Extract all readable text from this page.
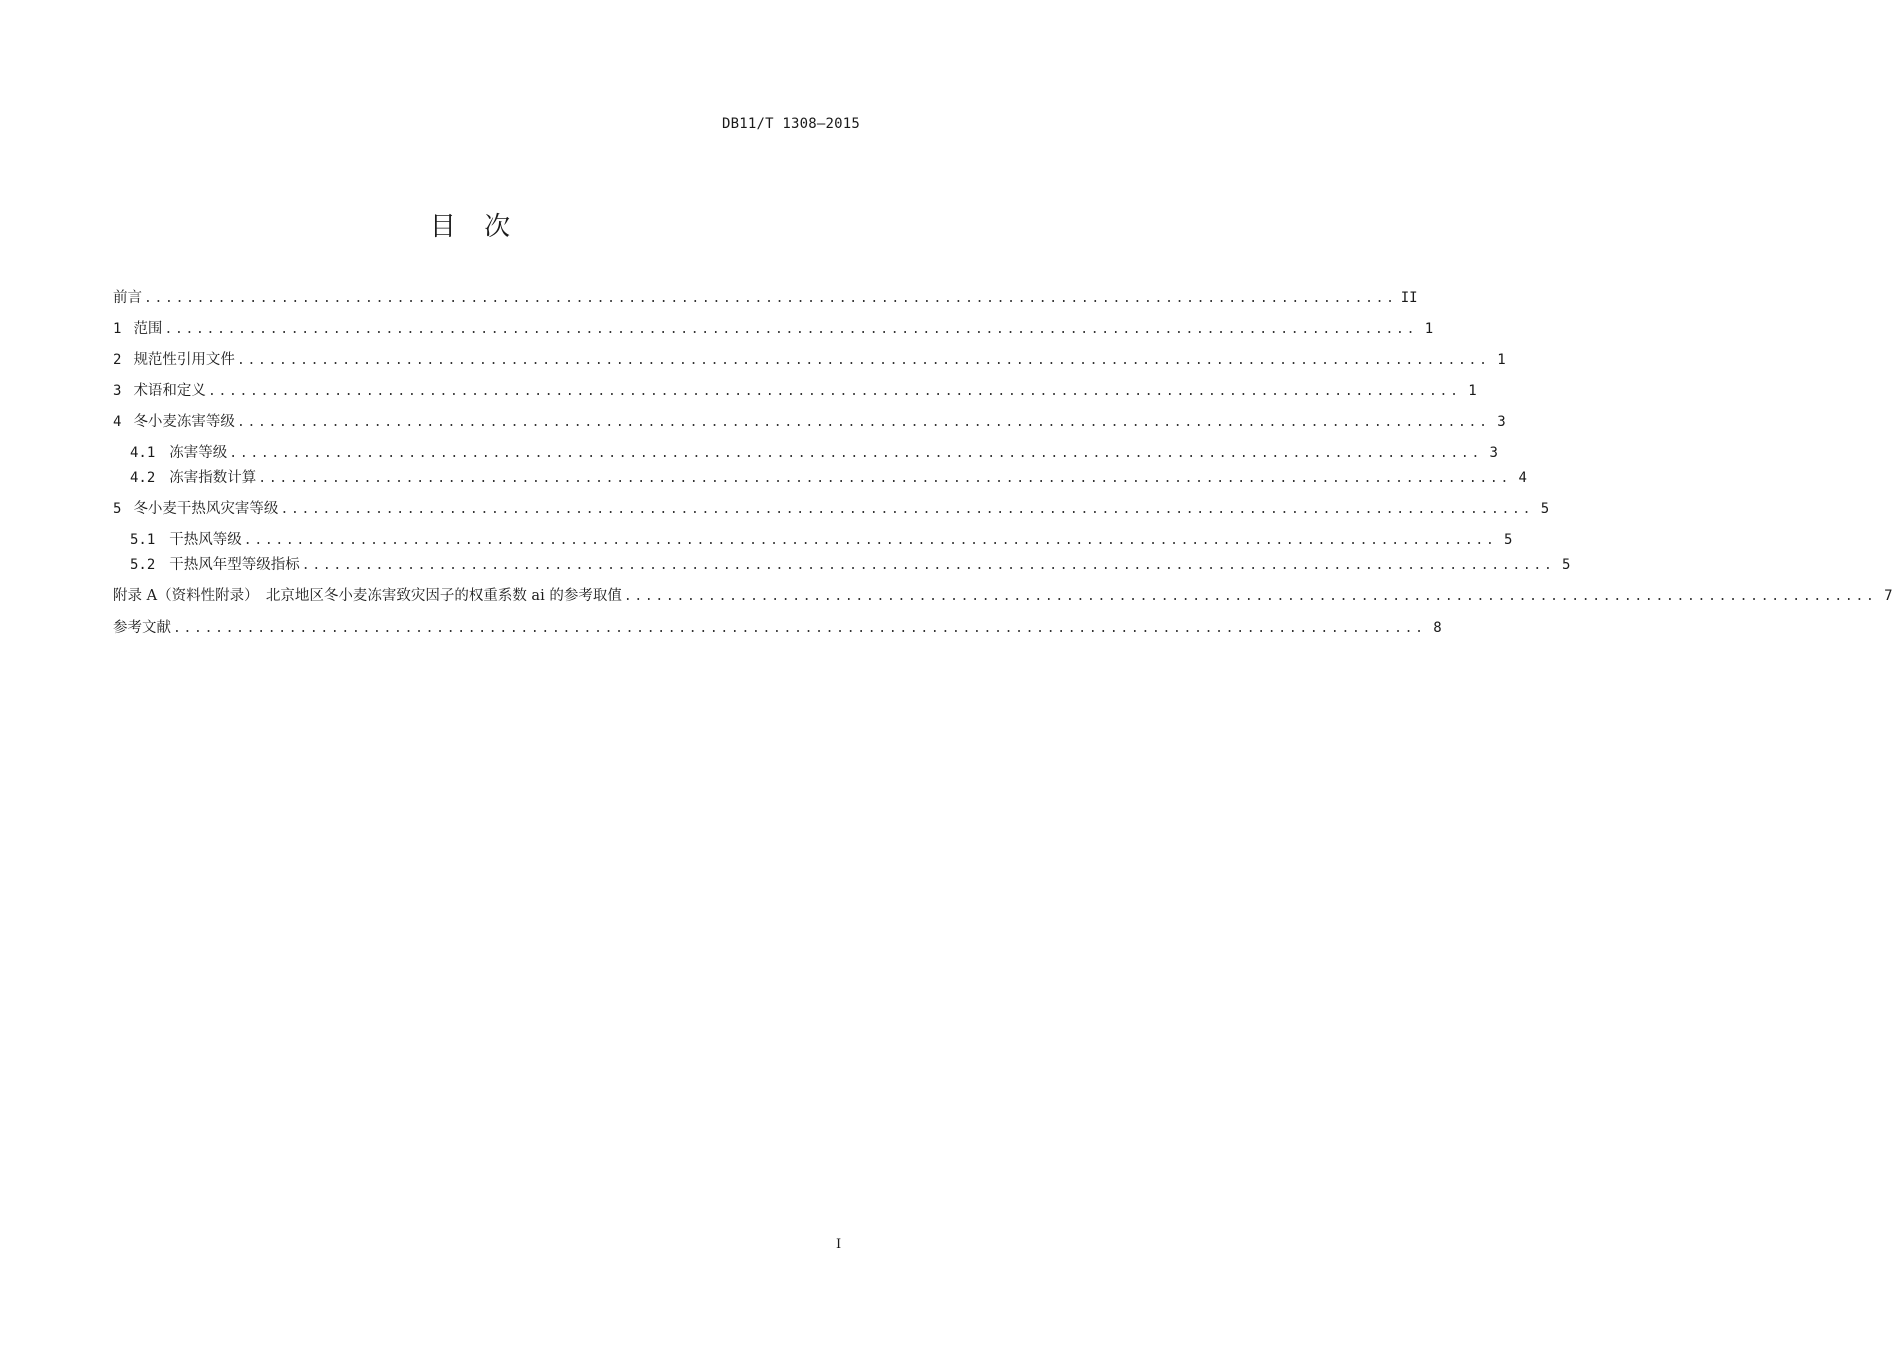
DB11/T 1308—2015
目 次
前言 ....................................................................................................................... II
1 范围 ....................................................................................................................... 1
2 规范性引用文件 ....................................................................................................................... 1
3 术语和定义 ....................................................................................................................... 1
4 冬小麦冻害等级 ....................................................................................................................... 3
4.1 冻害等级 ....................................................................................................................... 3
4.2 冻害指数计算 ....................................................................................................................... 4
5 冬小麦干热风灾害等级 ....................................................................................................................... 5
5.1 干热风等级 ....................................................................................................................... 5
5.2 干热风年型等级指标 ....................................................................................................................... 5
附录 A（资料性附录）　北京地区冬小麦冻害致灾因子的权重系数 ai 的参考取值 ....................................................................................................................... 7
参考文献 ....................................................................................................................... 8
I
